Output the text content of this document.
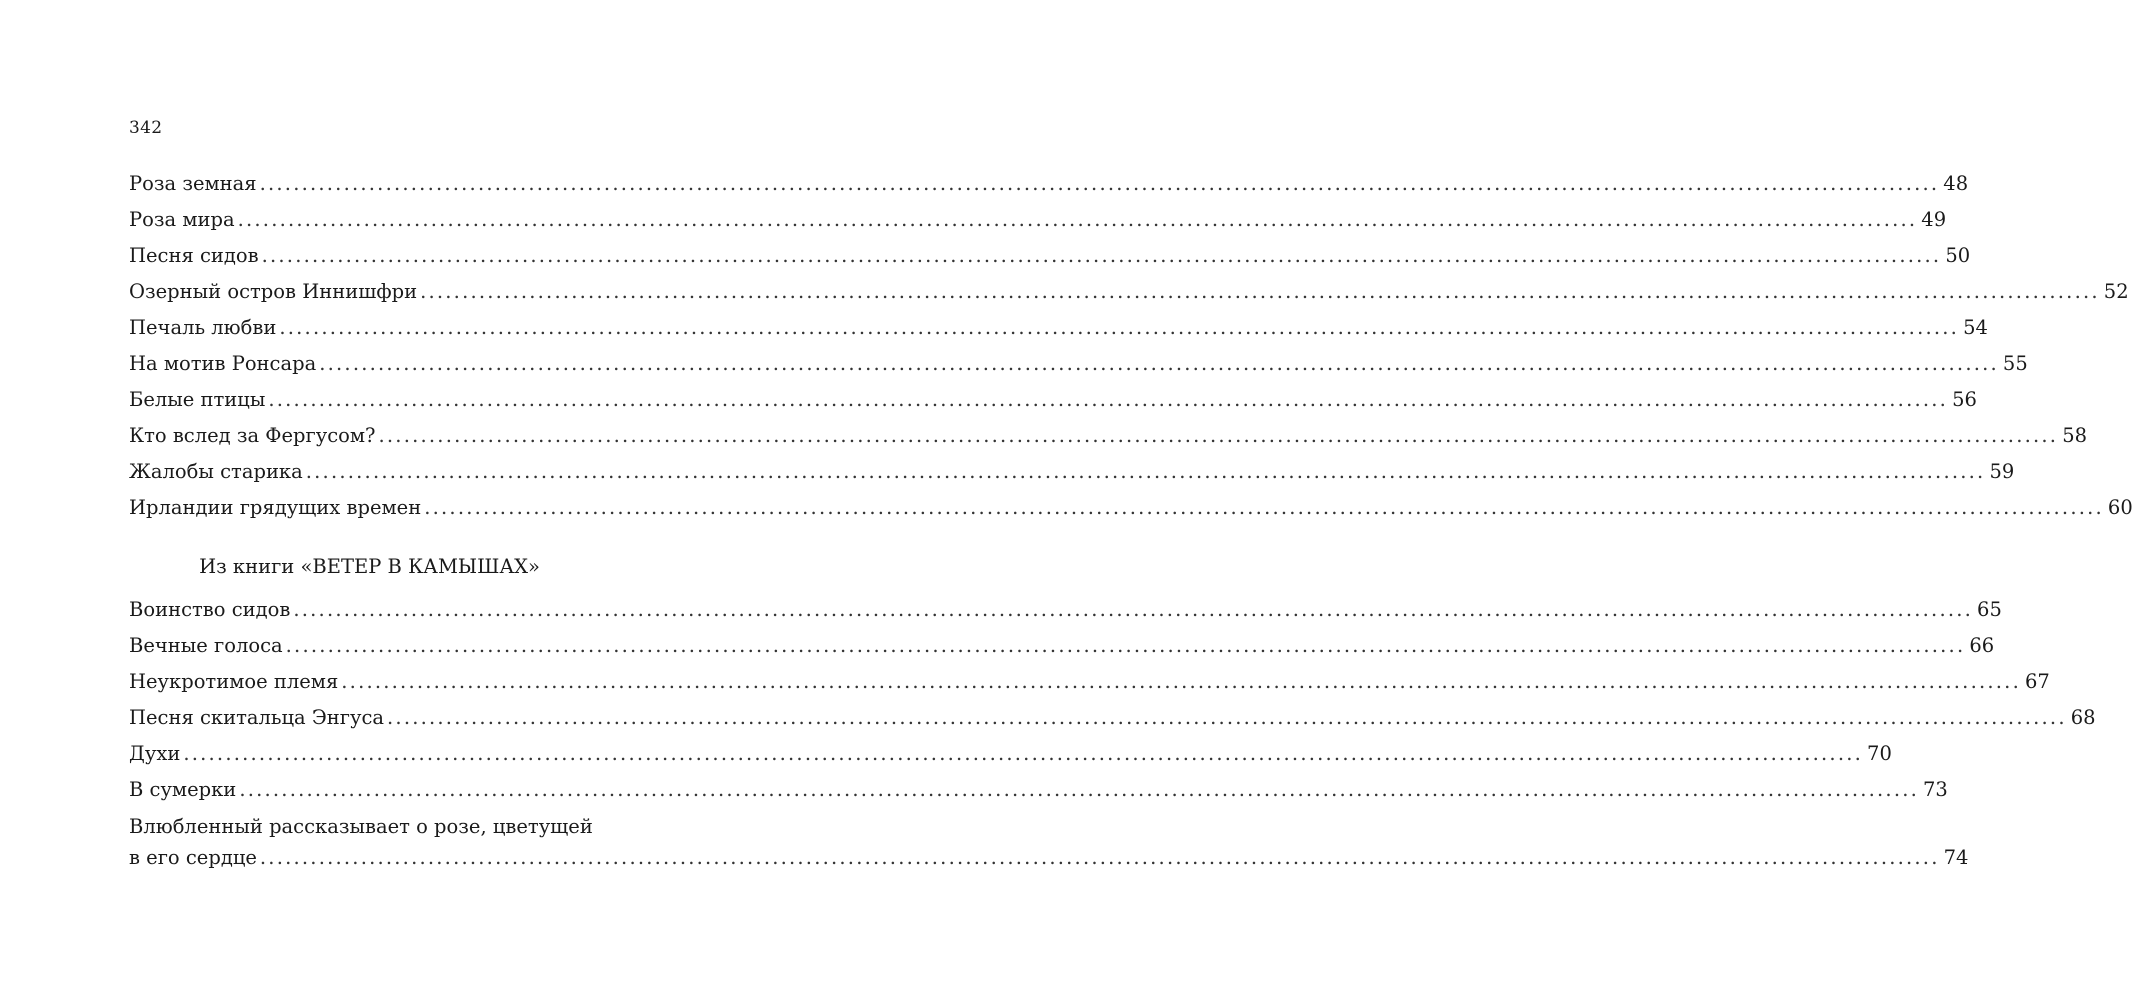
342
Роза земная ........................................................................................................................................................................................................ 48
Роза мира ........................................................................................................................................................................................................ 49
Песня сидов ........................................................................................................................................................................................................ 50
Озерный остров Иннишфри ........................................................................................................................................................................................................ 52
Печаль любви ........................................................................................................................................................................................................ 54
На мотив Ронсара ........................................................................................................................................................................................................ 55
Белые птицы ........................................................................................................................................................................................................ 56
Кто вслед за Фергусом? ........................................................................................................................................................................................................ 58
Жалобы старика ........................................................................................................................................................................................................ 59
Ирландии грядущих времен ........................................................................................................................................................................................................ 60
Из книги «ВЕТЕР В КАМЫШАХ»
Воинство сидов ........................................................................................................................................................................................................ 65
Вечные голоса ........................................................................................................................................................................................................ 66
Неукротимое племя ........................................................................................................................................................................................................ 67
Песня скитальца Энгуса ........................................................................................................................................................................................................ 68
Духи ........................................................................................................................................................................................................ 70
В сумерки ........................................................................................................................................................................................................ 73
Влюбленный рассказывает о розе, цветущей
в его сердце ........................................................................................................................................................................................................ 74
